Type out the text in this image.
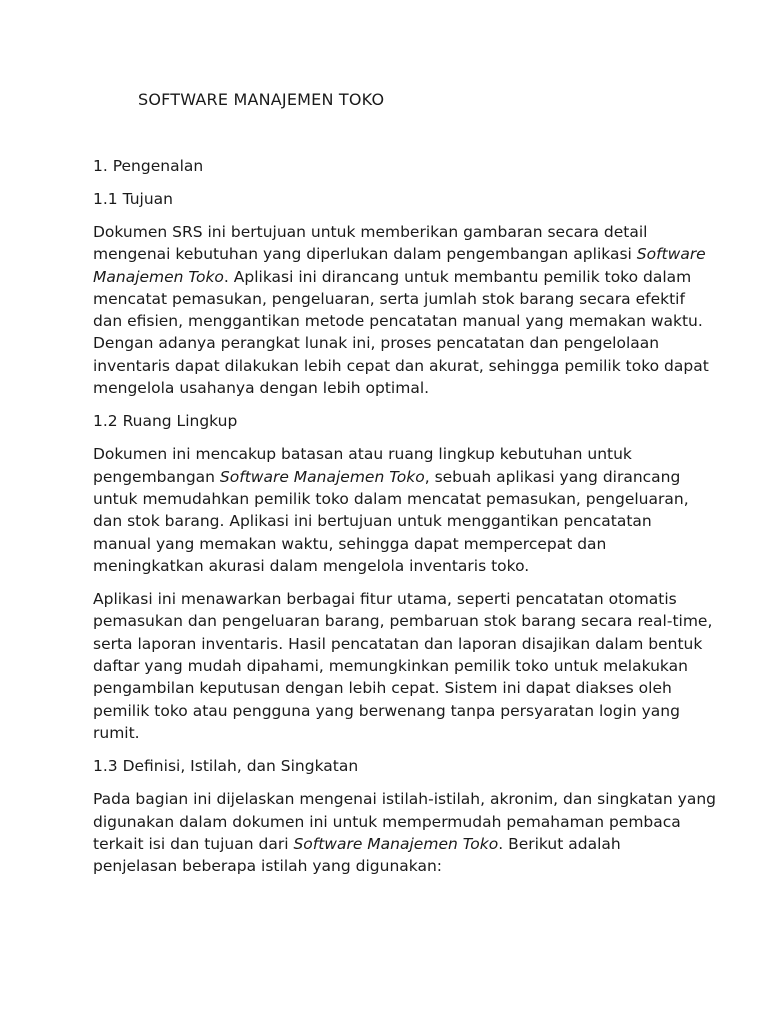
SOFTWARE MANAJEMEN TOKO
1. Pengenalan
1.1 Tujuan

Dokumen SRS ini bertujuan untuk memberikan gambaran secara detail
mengenai kebutuhan yang diperlukan dalam pengembangan aplikasi Software
Manajemen Toko. Aplikasi ini dirancang untuk membantu pemilik toko dalam
mencatat pemasukan, pengeluaran, serta jumlah stok barang secara efektif
dan efisien, menggantikan metode pencatatan manual yang memakan waktu.
Dengan adanya perangkat lunak ini, proses pencatatan dan pengelolaan
inventaris dapat dilakukan lebih cepat dan akurat, sehingga pemilik toko dapat
mengelola usahanya dengan lebih optimal.

1.2 Ruang Lingkup

Dokumen ini mencakup batasan atau ruang lingkup kebutuhan untuk
pengembangan Software Manajemen Toko, sebuah aplikasi yang dirancang
untuk memudahkan pemilik toko dalam mencatat pemasukan, pengeluaran,
dan stok barang. Aplikasi ini bertujuan untuk menggantikan pencatatan
manual yang memakan waktu, sehingga dapat mempercepat dan
meningkatkan akurasi dalam mengelola inventaris toko.

Aplikasi ini menawarkan berbagai fitur utama, seperti pencatatan otomatis
pemasukan dan pengeluaran barang, pembaruan stok barang secara real-time,
serta laporan inventaris. Hasil pencatatan dan laporan disajikan dalam bentuk
daftar yang mudah dipahami, memungkinkan pemilik toko untuk melakukan
pengambilan keputusan dengan lebih cepat. Sistem ini dapat diakses oleh
pemilik toko atau pengguna yang berwenang tanpa persyaratan login yang
rumit.

1.3 Definisi, Istilah, dan Singkatan

Pada bagian ini dijelaskan mengenai istilah-istilah, akronim, dan singkatan yang
digunakan dalam dokumen ini untuk mempermudah pemahaman pembaca
terkait isi dan tujuan dari Software Manajemen Toko. Berikut adalah
penjelasan beberapa istilah yang digunakan:
